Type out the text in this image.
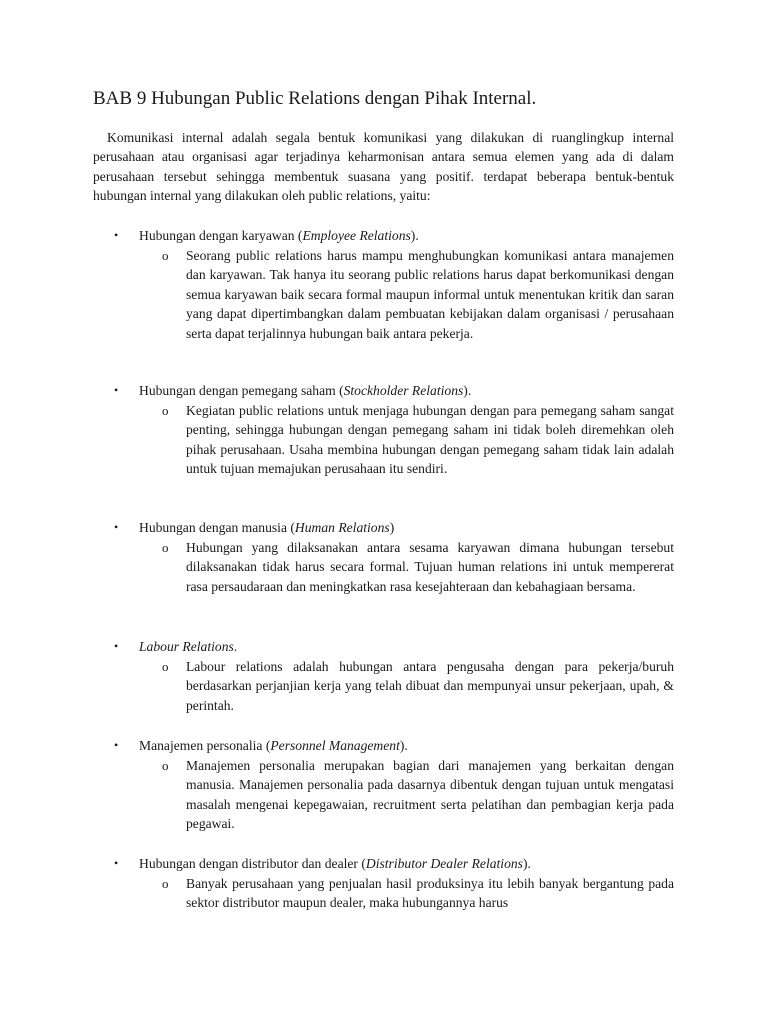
BAB 9 Hubungan Public Relations dengan Pihak Internal.

Komunikasi internal adalah segala bentuk komunikasi yang dilakukan di ruanglingkup internal perusahaan atau organisasi agar terjadinya keharmonisan antara semua elemen yang ada di dalam perusahaan tersebut sehingga membentuk suasana yang positif. terdapat beberapa bentuk-bentuk hubungan internal yang dilakukan oleh public relations, yaitu:

• Hubungan dengan karyawan (Employee Relations).
o Seorang public relations harus mampu menghubungkan komunikasi antara manajemen dan karyawan. Tak hanya itu seorang public relations harus dapat berkomunikasi dengan semua karyawan baik secara formal maupun informal untuk menentukan kritik dan saran yang dapat dipertimbangkan dalam pembuatan kebijakan dalam organisasi / perusahaan serta dapat terjalinnya hubungan baik antara pekerja.

• Hubungan dengan pemegang saham (Stockholder Relations).
o Kegiatan public relations untuk menjaga hubungan dengan para pemegang saham sangat penting, sehingga hubungan dengan pemegang saham ini tidak boleh diremehkan oleh pihak perusahaan. Usaha membina hubungan dengan pemegang saham tidak lain adalah untuk tujuan memajukan perusahaan itu sendiri.

• Hubungan dengan manusia (Human Relations)
o Hubungan yang dilaksanakan antara sesama karyawan dimana hubungan tersebut dilaksanakan tidak harus secara formal. Tujuan human relations ini untuk mempererat rasa persaudaraan dan meningkatkan rasa kesejahteraan dan kebahagiaan bersama.

• Labour Relations.
o Labour relations adalah hubungan antara pengusaha dengan para pekerja/buruh berdasarkan perjanjian kerja yang telah dibuat dan mempunyai unsur pekerjaan, upah, & perintah.

• Manajemen personalia (Personnel Management).
o Manajemen personalia merupakan bagian dari manajemen yang berkaitan dengan manusia. Manajemen personalia pada dasarnya dibentuk dengan tujuan untuk mengatasi masalah mengenai kepegawaian, recruitment serta pelatihan dan pembagian kerja pada pegawai.

• Hubungan dengan distributor dan dealer (Distributor Dealer Relations).
o Banyak perusahaan yang penjualan hasil produksinya itu lebih banyak bergantung pada sektor distributor maupun dealer, maka hubungannya harus
